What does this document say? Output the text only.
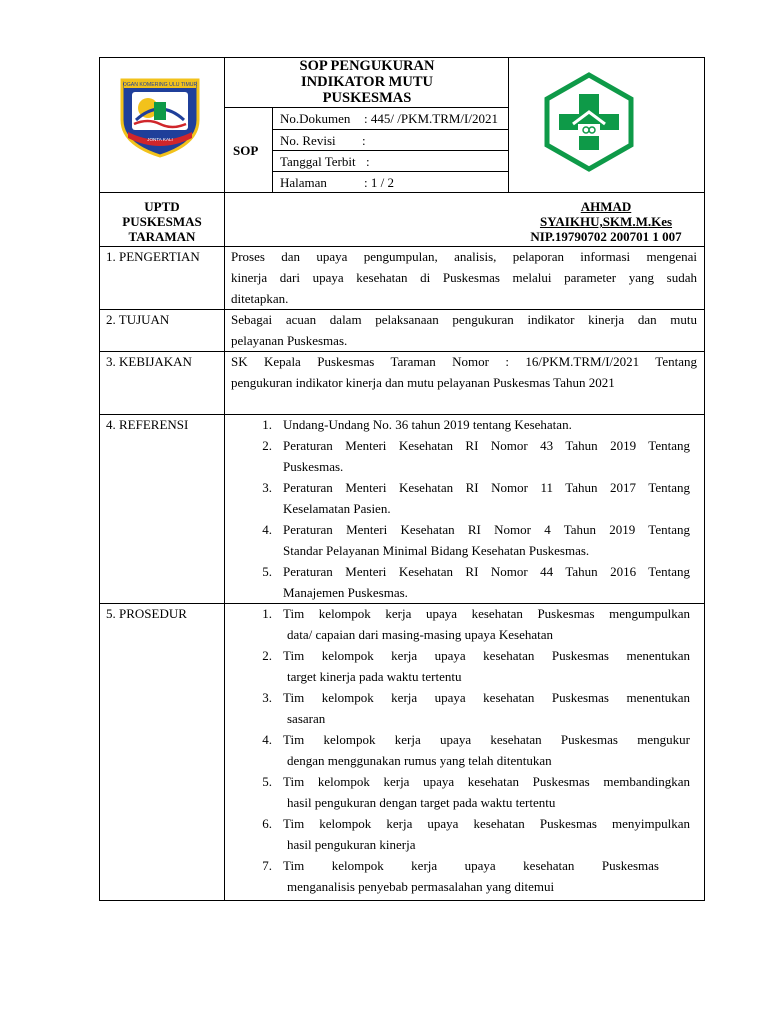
OGAN KOMERING ULU TIMUR
JONTA KALI
SOP PENGUKURAN
INDIKATOR MUTU
PUSKESMAS
SOP
No.Dokumen : 445/ /PKM.TRM/I/2021
No. Revisi :
Tanggal Terbit :
Halaman	: 1 / 2
UPTD
PUSKESMAS
TARAMAN
AHMAD
SYAIKHU,SKM.M.Kes
NIP.19790702 200701 1 007
1. PENGERTIAN Proses dan upaya pengumpulan, analisis, pelaporan informasi mengenai
kinerja dari upaya kesehatan di Puskesmas melalui parameter yang sudah
ditetapkan.
2. TUJUAN	Sebagai acuan dalam pelaksanaan pengukuran indikator kinerja dan mutu
pelayanan Puskesmas.
3. KEBIJAKAN	SK Kepala Puskesmas Taraman Nomor : 16/PKM.TRM/I/2021 Tentang
pengukuran indikator kinerja dan mutu pelayanan Puskesmas Tahun 2021
4. REFERENSI	1. Undang-Undang No. 36 tahun 2019 tentang Kesehatan.
2. Peraturan Menteri Kesehatan RI Nomor 43 Tahun 2019 Tentang
Puskesmas.
3. Peraturan Menteri Kesehatan RI Nomor 11 Tahun 2017 Tentang
Keselamatan Pasien.
4. Peraturan Menteri Kesehatan RI Nomor 4 Tahun 2019 Tentang
Standar Pelayanan Minimal Bidang Kesehatan Puskesmas.
5. Peraturan Menteri Kesehatan RI Nomor 44 Tahun 2016 Tentang
Manajemen Puskesmas.
5. PROSEDUR	1. Tim kelompok kerja upaya kesehatan Puskesmas mengumpulkan
data/ capaian dari masing-masing upaya Kesehatan
2. Tim kelompok kerja upaya kesehatan Puskesmas menentukan
target kinerja pada waktu tertentu
3. Tim kelompok kerja upaya kesehatan Puskesmas menentukan
sasaran
4. Tim kelompok kerja upaya kesehatan Puskesmas mengukur
dengan menggunakan rumus yang telah ditentukan
5. Tim kelompok kerja upaya kesehatan Puskesmas membandingkan
hasil pengukuran dengan target pada waktu tertentu
6. Tim kelompok kerja upaya kesehatan Puskesmas menyimpulkan
hasil pengukuran kinerja
7. Tim kelompok kerja upaya kesehatan Puskesmas
menganalisis penyebab permasalahan yang ditemui
